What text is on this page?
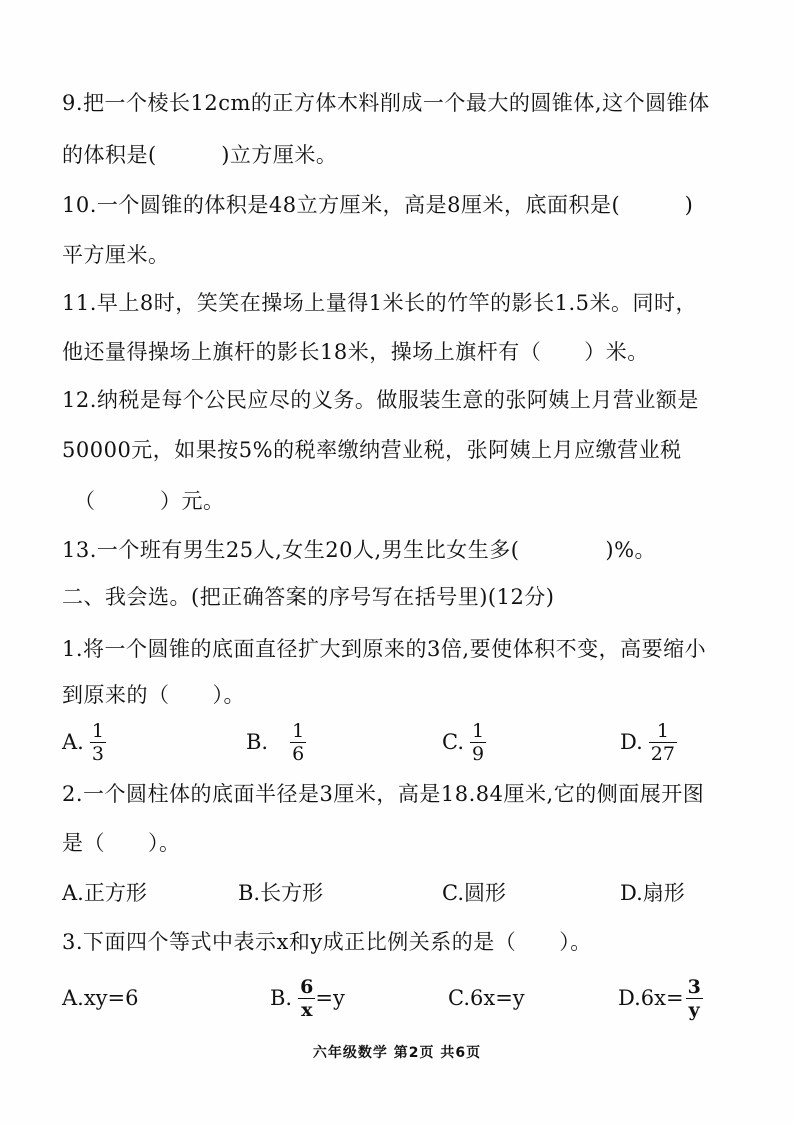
9.把一个棱长12cm的正方体木料削成一个最大的圆锥体,这个圆锥体
的体积是(　　　)立方厘米。
10.一个圆锥的体积是48立方厘米，高是8厘米，底面积是(　　　)
平方厘米。
11.早上8时，笑笑在操场上量得1米长的竹竿的影长1.5米。同时，
他还量得操场上旗杆的影长18米，操场上旗杆有（　　）米。
12.纳税是每个公民应尽的义务。做服装生意的张阿姨上月营业额是
50000元，如果按5%的税率缴纳营业税，张阿姨上月应缴营业税
（　　　）元。
13.一个班有男生25人,女生20人,男生比女生多(　　　　)%。
二、我会选。(把正确答案的序号写在括号里)(12分)
1.将一个圆锥的底面直径扩大到原来的3倍,要使体积不变，高要缩小
到原来的（　　）。
A. $\frac{1}{3}$	B. $\frac{1}{6}$	C. $\frac{1}{9}$	D. $\frac{1}{27}$
2.一个圆柱体的底面半径是3厘米，高是18.84厘米,它的侧面展开图
是（　　）。
A.正方形	B.长方形	C.圆形	D.扇形
3.下面四个等式中表示x和y成正比例关系的是（　　）。
A.xy=6	B. $\frac{6}{x} =y$	C.6x=y	$D.6x= \frac{3}{y}$
六年级数学 第2页 共6页
